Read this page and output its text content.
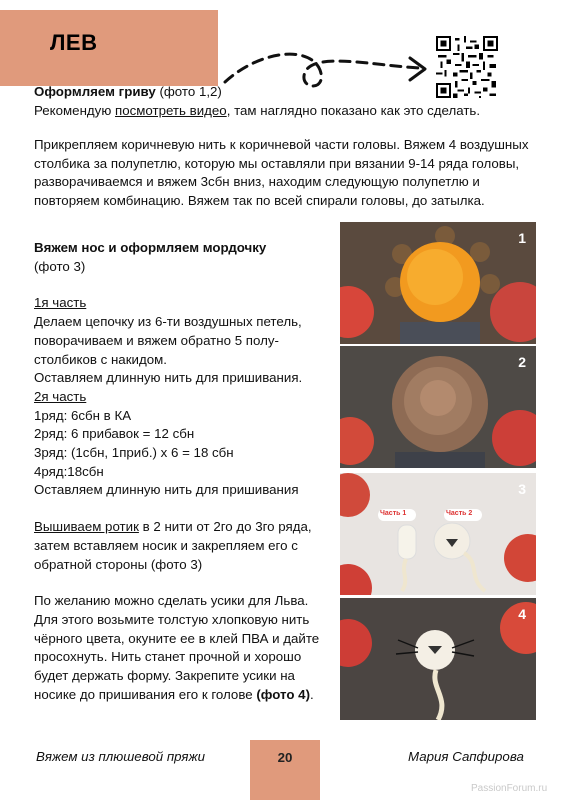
ЛЕВ
Оформляем гриву (фото 1,2)
Рекомендую посмотреть видео, там наглядно показано как это сделать.
Прикрепляем коричневую нить к коричневой части головы. Вяжем 4 воздушных столбика за полупетлю, которую мы оставляли при вязании 9-14 ряда головы, разворачиваемся и вяжем 3сбн вниз, находим следующую полупетлю и повторяем комбинацию. Вяжем так по всей спирали головы, до затылка.
Вяжем нос и оформляем мордочку
(фото 3)
1я часть
Делаем цепочку из 6-ти воздушных петель, поворачиваем и вяжем обратно 5 полу-столбиков с накидом.
Оставляем длинную нить для пришивания.
2я часть
1ряд: 6сбн в КА
2ряд: 6 прибавок = 12 сбн
3ряд: (1сбн, 1приб.) х 6 = 18 сбн
4ряд:18сбн
Оставляем длинную нить для пришивания
Вышиваем ротик в 2 нити от 2го до 3го ряда, затем вставляем носик и закрепляем его с обратной стороны (фото 3)
По желанию можно сделать усики для Льва. Для этого возьмите толстую хлопковую нить чёрного цвета, окуните ее в клей ПВА и дайте просохнуть. Нить станет прочной и хорошо будет держать форму. Закрепите усики на носике до пришивания его к голове (фото 4).
1
2
Часть 1	Часть 2
3
4
Вяжем из плюшевой пряжи	20	Мария Сапфирова
PassionForum.ru
